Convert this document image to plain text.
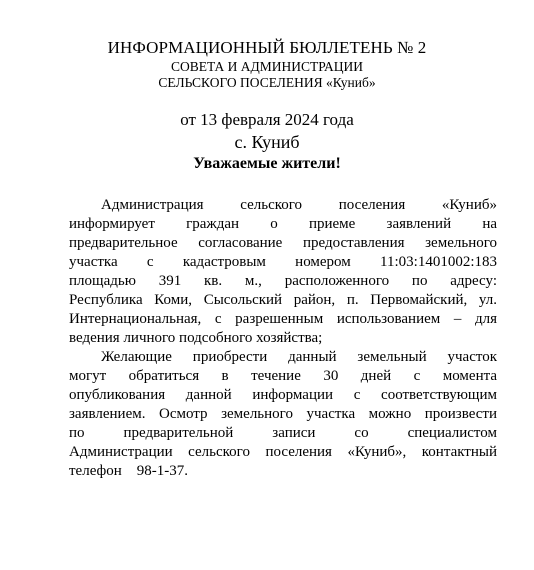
ИНФОРМАЦИОННЫЙ БЮЛЛЕТЕНЬ № 2
СОВЕТА И АДМИНИСТРАЦИИ
СЕЛЬСКОГО ПОСЕЛЕНИЯ «Куниб»
от 13 февраля 2024 года
с. Куниб
Уважаемые жители!
Администрация сельского поселения «Куниб»
информирует граждан о приеме заявлений на
предварительное согласование предоставления земельного
участка с кадастровым номером 11:03:1401002:183
площадью 391 кв. м., расположенного по адресу:
Республика Коми, Сысольский район, п. Первомайский, ул.
Интернациональная, с разрешенным использованием – для
ведения личного подсобного хозяйства;
Желающие приобрести данный земельный участок
могут обратиться в течение 30 дней с момента
опубликования данной информации с соответствующим
заявлением. Осмотр земельного участка можно произвести
по предварительной записи со специалистом
Администрации сельского поселения «Куниб», контактный
телефон    98-1-37.
